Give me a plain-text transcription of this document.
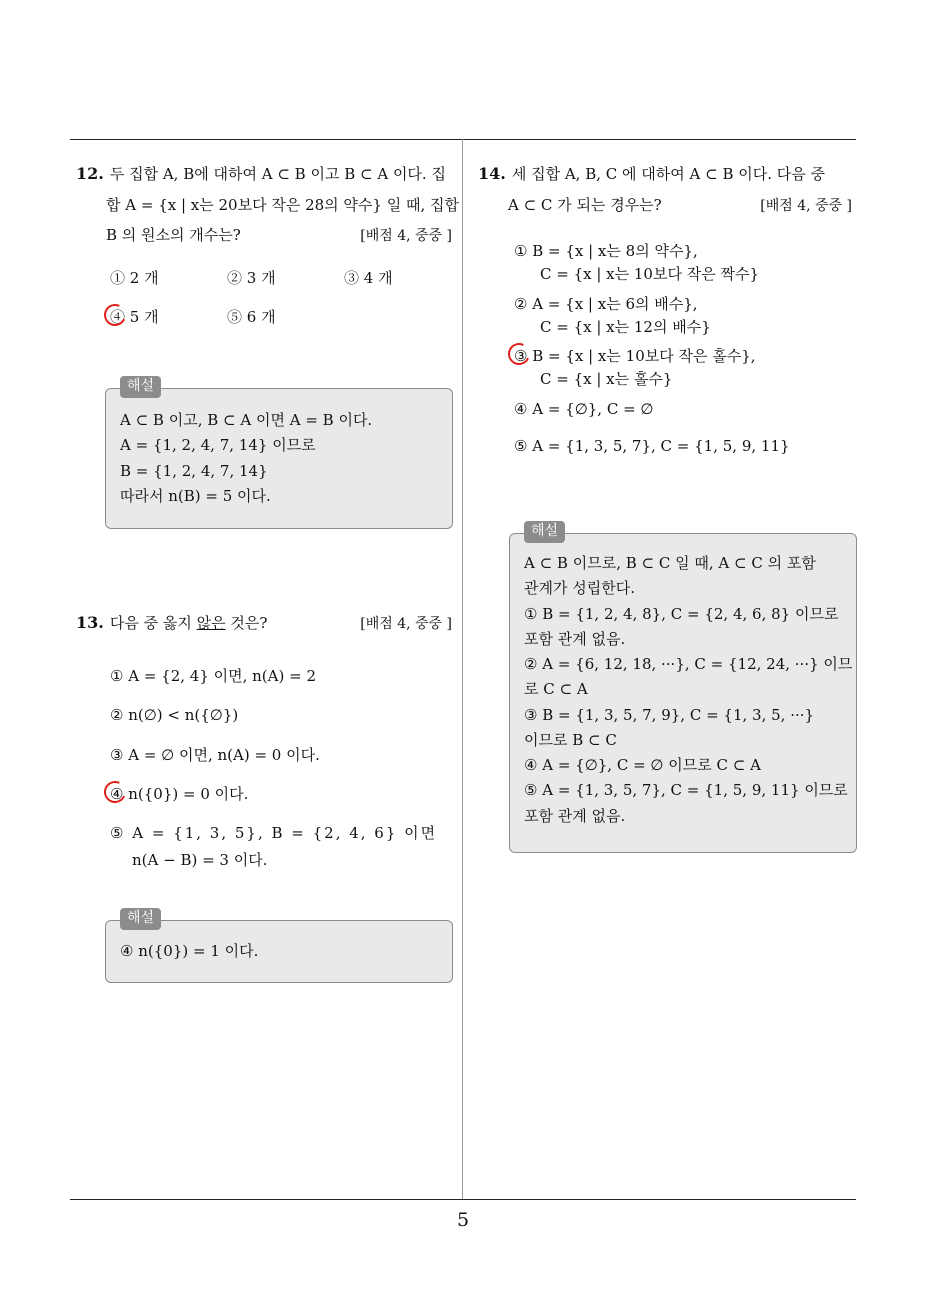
5
12. 두 집합 A, B에 대하여 A ⊂ B 이고 B ⊂ A 이다. 집
합 A = {x | x는 20보다 작은 28의 약수} 일 때, 집합
B 의 원소의 개수는?	[배점 4, 중중 ]
① 2 개	② 3 개	③ 4 개
④ 5 개	⑤ 6 개
해설
A ⊂ B 이고, B ⊂ A 이면 A = B 이다.
A = {1, 2, 4, 7, 14} 이므로
B = {1, 2, 4, 7, 14}
따라서 n(B) = 5 이다.
13. 다음 중 옳지 않은 것은?	[배점 4, 중중 ]
① A = {2, 4} 이면, n(A) = 2
② n(∅) < n({∅})
③ A = ∅ 이면, n(A) = 0 이다.
④ n({0}) = 0 이다.
⑤ A = {1, 3, 5}, B = {2, 4, 6} 이면
n(A − B) = 3 이다.
해설
④ n({0}) = 1 이다.
14. 세 집합 A, B, C 에 대하여 A ⊂ B 이다. 다음 중
A ⊂ C 가 되는 경우는?	[배점 4, 중중 ]
① B = {x | x는 8의 약수},
C = {x | x는 10보다 작은 짝수}
② A = {x | x는 6의 배수},
C = {x | x는 12의 배수}
③ B = {x | x는 10보다 작은 홀수},
C = {x | x는 홀수}
④ A = {∅}, C = ∅
⑤ A = {1, 3, 5, 7}, C = {1, 5, 9, 11}
해설
A ⊂ B 이므로, B ⊂ C 일 때, A ⊂ C 의 포함
관계가 성립한다.
① B = {1, 2, 4, 8}, C = {2, 4, 6, 8} 이므로
포함 관계 없음.
② A = {6, 12, 18, ···}, C = {12, 24, ···} 이므
로 C ⊂ A
③ B = {1, 3, 5, 7, 9}, C = {1, 3, 5, ···}
이므로 B ⊂ C
④ A = {∅}, C = ∅ 이므로 C ⊂ A
⑤ A = {1, 3, 5, 7}, C = {1, 5, 9, 11} 이므로
포함 관계 없음.
